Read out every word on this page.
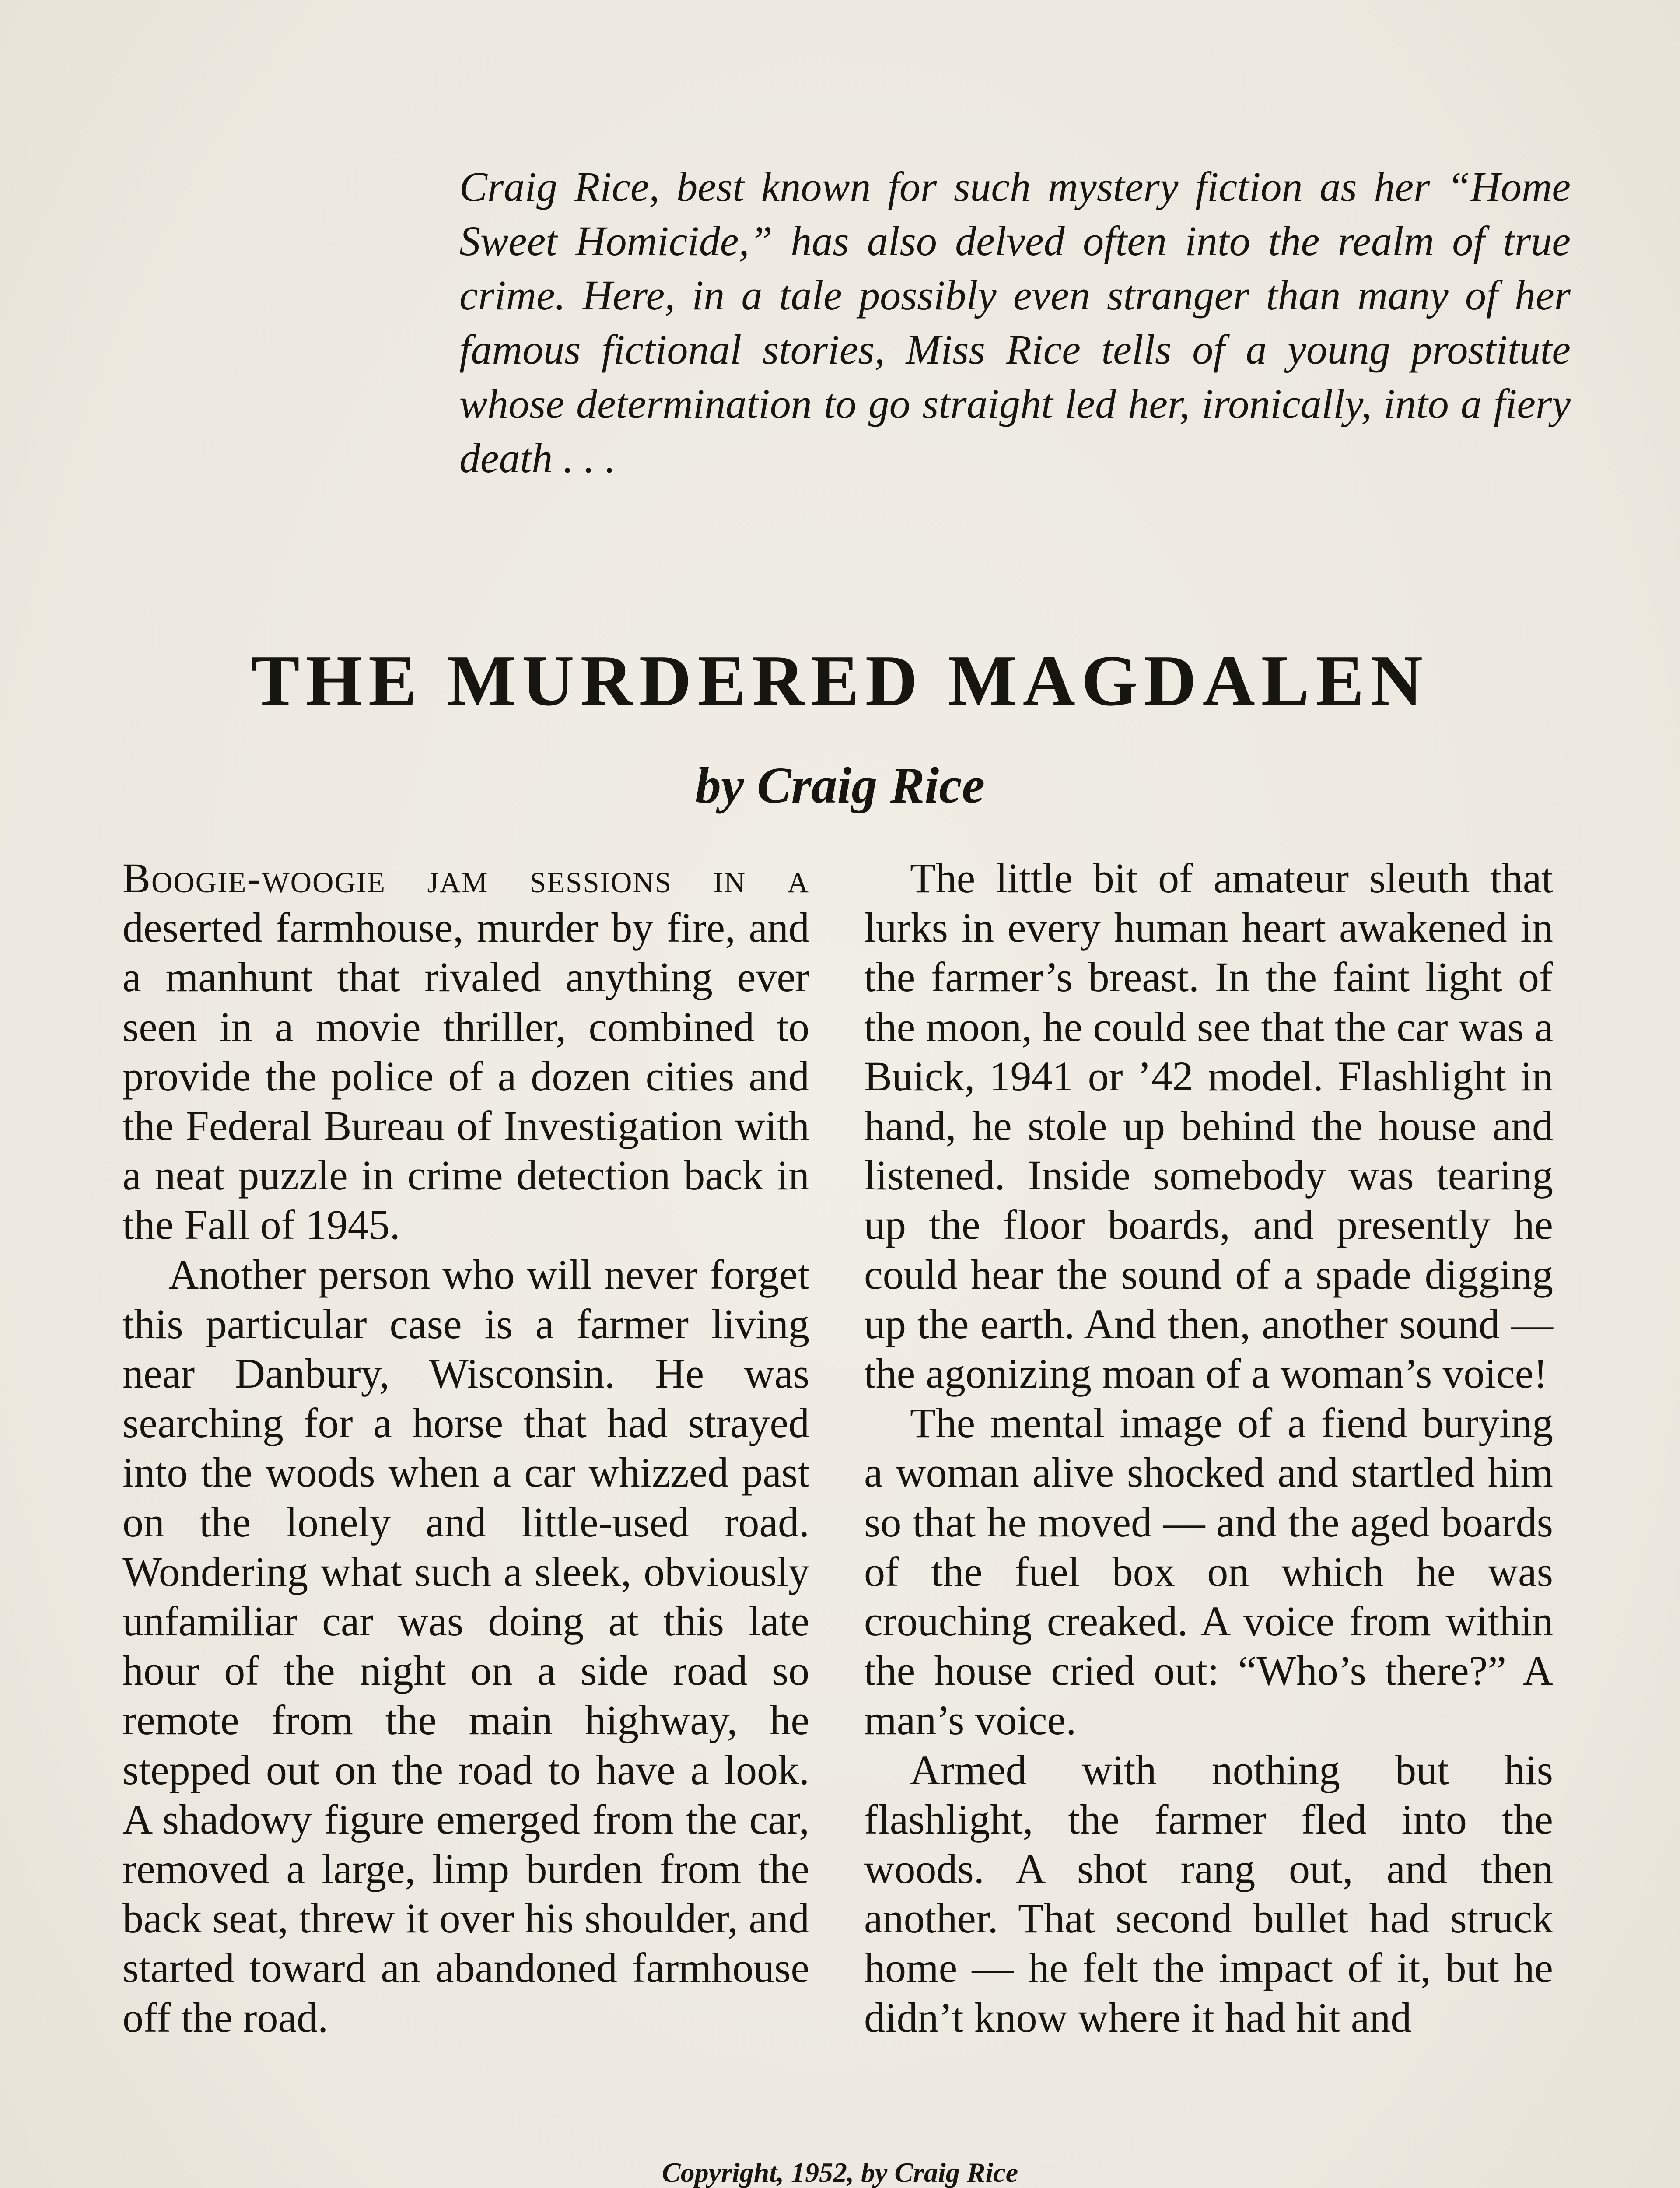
Craig Rice, best known for such mystery fiction as her “Home Sweet Homicide,” has also delved often into the realm of true crime. Here, in a tale possibly even stranger than many of her famous fictional stories, Miss Rice tells of a young prostitute whose determination to go straight led her, ironically, into a fiery death . . .
THE MURDERED MAGDALEN
by Craig Rice

Boogie-woogie jam sessions in a deserted farmhouse, murder by fire, and a manhunt that rivaled anything ever seen in a movie thriller, combined to provide the police of a dozen cities and the Federal Bureau of Investigation with a neat puzzle in crime detection back in the Fall of 1945.

Another person who will never forget this particular case is a farmer living near Danbury, Wisconsin. He was searching for a horse that had strayed into the woods when a car whizzed past on the lonely and little-used road. Wondering what such a sleek, obviously unfamiliar car was doing at this late hour of the night on a side road so remote from the main highway, he stepped out on the road to have a look. A shadowy figure emerged from the car, removed a large, limp burden from the back seat, threw it over his shoulder, and started toward an abandoned farmhouse off the road.

The little bit of amateur sleuth that lurks in every human heart awakened in the farmer’s breast. In the faint light of the moon, he could see that the car was a Buick, 1941 or ’42 model. Flashlight in hand, he stole up behind the house and listened. Inside somebody was tearing up the floor boards, and presently he could hear the sound of a spade digging up the earth. And then, another sound — the agonizing moan of a woman’s voice!

The mental image of a fiend burying a woman alive shocked and startled him so that he moved — and the aged boards of the fuel box on which he was crouching creaked. A voice from within the house cried out: “Who’s there?” A man’s voice.

Armed with nothing but his flashlight, the farmer fled into the woods. A shot rang out, and then another. That second bullet had struck home — he felt the impact of it, but he didn’t know where it had hit and

Copyright, 1952, by Craig Rice
